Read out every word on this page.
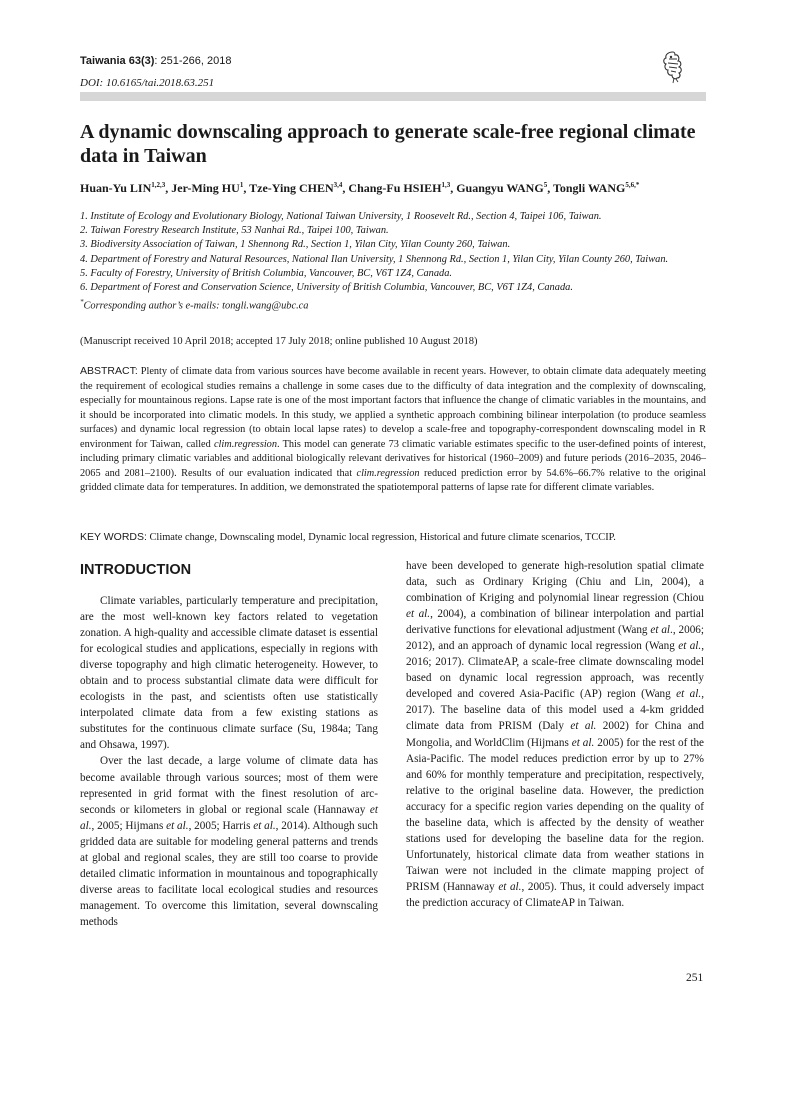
Taiwania 63(3): 251-266, 2018
DOI: 10.6165/tai.2018.63.251
A dynamic downscaling approach to generate scale-free regional climate data in Taiwan
Huan-Yu LIN$^{1,2,3}$, Jer-Ming $HU^1$, Tze-Ying CHEN$^{3,4}$, Chang-Fu HSIEH$^{1,3}$, Guangyu WANG$^5$, Tongli $WANG^{5,6,*}$
1. Institute of Ecology and Evolutionary Biology, National Taiwan University, 1 Roosevelt Rd., Section 4, Taipei 106, Taiwan.
2. Taiwan Forestry Research Institute, 53 Nanhai Rd., Taipei 100, Taiwan.
3. Biodiversity Association of Taiwan, 1 Shennong Rd., Section 1, Yilan City, Yilan County 260, Taiwan.
4. Department of Forestry and Natural Resources, National Ilan University, 1 Shennong Rd., Section 1, Yilan City, Yilan County 260, Taiwan.
5. Faculty of Forestry, University of British Columbia, Vancouver, BC, V6T 1Z4, Canada.
6. Department of Forest and Conservation Science, University of British Columbia, Vancouver, BC, V6T 1Z4, Canada.
*Corresponding author’s e-mails: tongli.wang@ubc.ca
(Manuscript received 10 April 2018; accepted 17 July 2018; online published 10 August 2018)
ABSTRACT: Plenty of climate data from various sources have become available in recent years. However, to obtain climate data adequately meeting the requirement of ecological studies remains a challenge in some cases due to the difficulty of data integration and the complexity of downscaling, especially for mountainous regions. Lapse rate is one of the most important factors that influence the change of climatic variables in the mountains, and it should be incorporated into climatic models. In this study, we applied a synthetic approach combining bilinear interpolation (to produce seamless surfaces) and dynamic local regression (to obtain local lapse rates) to develop a scale-free and topography-correspondent downscaling model in R environment for Taiwan, called clim.regression. This model can generate 73 climatic variable estimates specific to the user-defined points of interest, including primary climatic variables and additional biologically relevant derivatives for historical (1960–2009) and future periods (2016–2035, 2046–2065 and 2081–2100). Results of our evaluation indicated that clim.regression reduced prediction error by 54.6%–66.7% relative to the original gridded climate data for temperatures. In addition, we demonstrated the spatiotemporal patterns of lapse rate for different climate variables.
KEY WORDS: Climate change, Downscaling model, Dynamic local regression, Historical and future climate scenarios, TCCIP.
INTRODUCTION

Climate variables, particularly temperature and precipitation, are the most well-known key factors related to vegetation zonation. A high-quality and accessible climate dataset is essential for ecological studies and applications, especially in regions with diverse topography and high climatic heterogeneity. However, to obtain and to process substantial climate data were difficult for ecologists in the past, and scientists often use statistically interpolated climate data from a few existing stations as substitutes for the continuous climate surface (Su, 1984a; Tang and Ohsawa, 1997).

Over the last decade, a large volume of climate data has become available through various sources; most of them were represented in grid format with the finest resolution of arc-seconds or kilometers in global or regional scale (Hannaway et al., 2005; Hijmans et al., 2005; Harris et al., 2014). Although such gridded data are suitable for modeling general patterns and trends at global and regional scales, they are still too coarse to provide detailed climatic information in mountainous and topographically diverse areas to facilitate local ecological studies and resources management. To overcome this limitation, several downscaling methods

have been developed to generate high-resolution spatial climate data, such as Ordinary Kriging (Chiu and Lin, 2004), a combination of Kriging and polynomial linear regression (Chiou et al., 2004), a combination of bilinear interpolation and partial derivative functions for elevational adjustment (Wang et al., 2006; 2012), and an approach of dynamic local regression (Wang et al., 2016; 2017). ClimateAP, a scale-free climate downscaling model based on dynamic local regression approach, was recently developed and covered Asia-Pacific (AP) region (Wang et al., 2017). The baseline data of this model used a 4-km gridded climate data from PRISM (Daly et al. 2002) for China and Mongolia, and WorldClim (Hijmans et al. 2005) for the rest of the Asia-Pacific. The model reduces prediction error by up to 27% and 60% for monthly temperature and precipitation, respectively, relative to the original baseline data. However, the prediction accuracy for a specific region varies depending on the quality of the baseline data, which is affected by the density of weather stations used for developing the baseline data for the region. Unfortunately, historical climate data from weather stations in Taiwan were not included in the climate mapping project of PRISM (Hannaway et al., 2005). Thus, it could adversely impact the prediction accuracy of ClimateAP in Taiwan.

251
